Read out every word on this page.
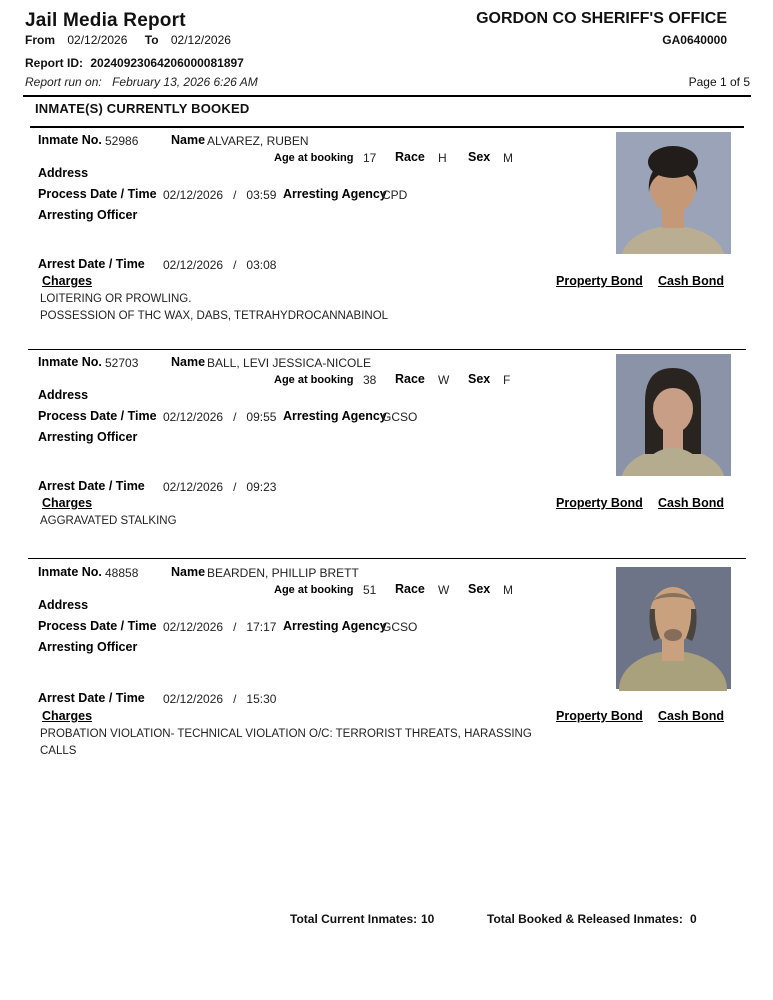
Jail Media Report
From 02/12/2026 To 02/12/2026
GORDON CO SHERIFF'S OFFICE
GA0640000
Report ID: 20240923064206000081897
Report run on: February 13, 2026 6:26 AM	Page 1 of 5
INMATE(S) CURRENTLY BOOKED
Inmate No. 52986	Name ALVAREZ, RUBEN
Age at booking 17 Race H Sex M
Address
Process Date / Time 02/12/2026 / 03:59 Arresting Agency
CPD
Arresting Officer
Arrest Date / Time 02/12/2026 / 03:08
Charges	Property Bond Cash Bond
LOITERING OR PROWLING.
POSSESSION OF THC WAX, DABS, TETRAHYDROCANNABINOL
Inmate No. 52703	Name BALL, LEVI JESSICA-NICOLE
Age at booking 38 Race W Sex F
Address
Process Date / Time 02/12/2026 / 09:55 Arresting Agency
GCSO
Arresting Officer
Arrest Date / Time 02/12/2026 / 09:23
Charges	Property Bond Cash Bond
AGGRAVATED STALKING
Inmate No. 48858	Name BEARDEN, PHILLIP BRETT
Age at booking 51 Race W Sex M
Address
Process Date / Time 02/12/2026 / 17:17 Arresting Agency
GCSO
Arresting Officer
Arrest Date / Time 02/12/2026 / 15:30
Charges	Property Bond Cash Bond
PROBATION VIOLATION- TECHNICAL VIOLATION O/C: TERRORIST THREATS, HARASSING CALLS
Total Current Inmates: 10	Total Booked & Released Inmates: 0
